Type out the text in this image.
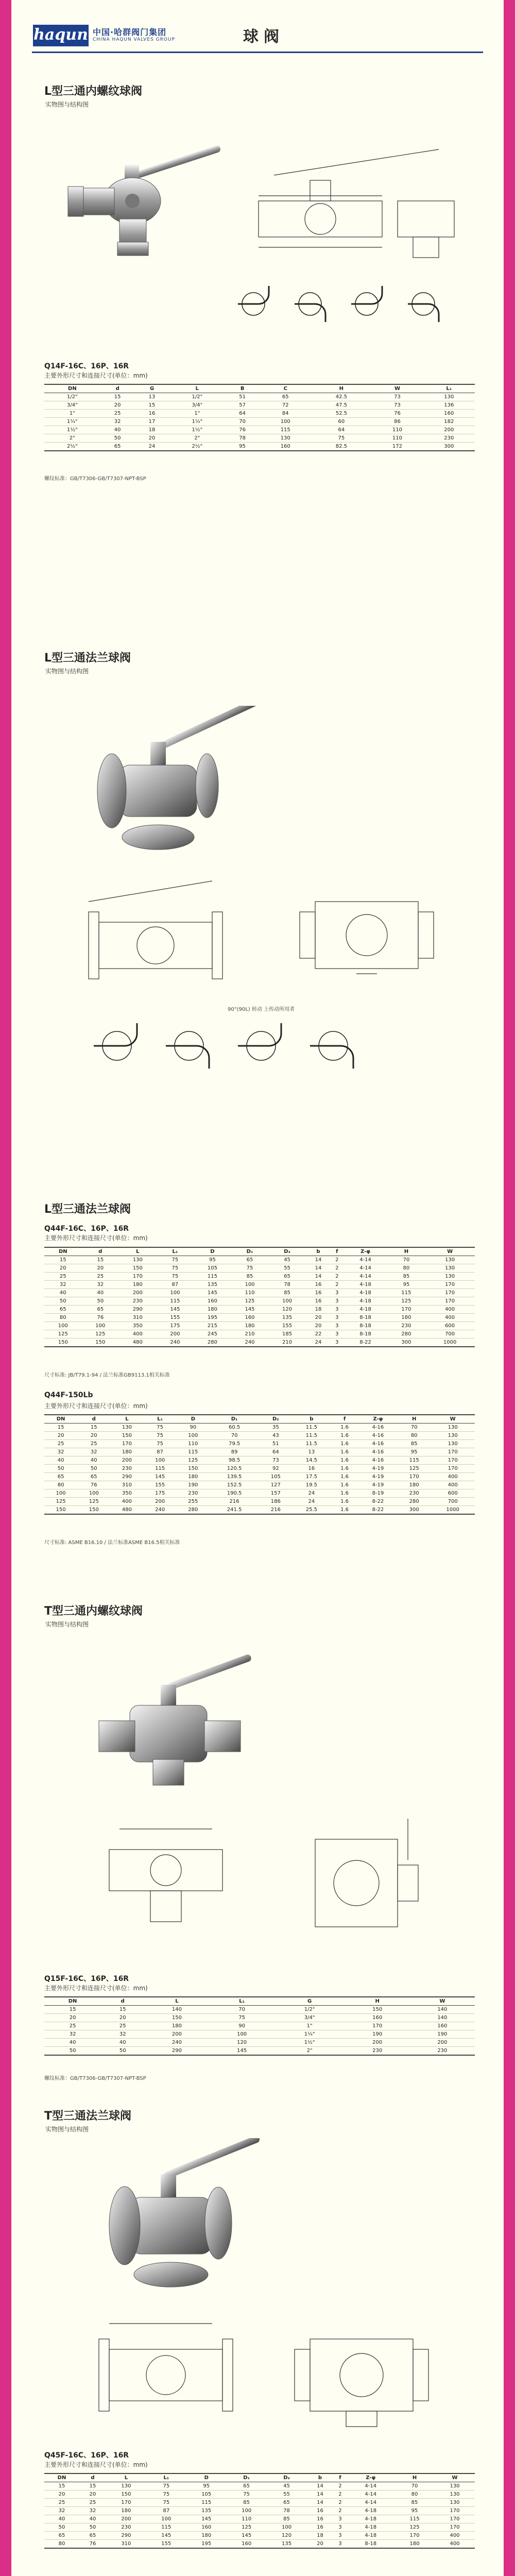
haqun 中国·哈群阀门集团
CHINA HAQUN VALVES GROUP	球阀
L型三通内螺纹球阀
实物图与结构图
Q14F-16C、16P、16R
主要外形尺寸和连接尺寸(单位：mm)
DN	d	G	L	B	C	H	W	L₁
1/2"	15	13	1/2"	51	65	42.5	73	130
3/4"	20	15	3/4"	57	72	47.5	73	136
1"	25	16	1"	64	84	52.5	76	160
1¼"	32	17	1¼"	70	100	60	86	182
1½"	40	18	1½"	76	115	64	110	200
2"	50	20	2"	78	130	75	110	230
2½"	65	24	2½"	95	160	82.5	172	300
螺纹标准：GB/T7306-GB/T7307-NPT-BSP
L型三通法兰球阀
实物图与结构图
90°(90L) 转动 上传动所用者
L型三通法兰球阀
Q44F-16C、16P、16R
主要外形尺寸和连接尺寸(单位：mm)
DN	d	L	L₁	D	D₁	D₂	b	f	Z-φ	H	W
15	15	130	75	95	65	45	14	2	4-14	70	130
20	20	150	75	105	75	55	14	2	4-14	80	130
25	25	170	75	115	85	65	14	2	4-14	85	130
32	32	180	87	135	100	78	16	2	4-18	95	170
40	40	200	100	145	110	85	16	3	4-18	115	170
50	50	230	115	160	125	100	16	3	4-18	125	170
65	65	290	145	180	145	120	18	3	4-18	170	400
80	76	310	155	195	160	135	20	3	8-18	180	400
100	100	350	175	215	180	155	20	3	8-18	230	600
125	125	400	200	245	210	185	22	3	8-18	280	700
150	150	480	240	280	240	210	24	3	8-22	300	1000
尺寸标准: JB/T79.1-94 / 法兰标准GB9113.1相关标准
Q44F-150Lb
主要外形尺寸和连接尺寸(单位：mm)
DN	d	L	L₁	D	D₁	D₂	b	f	Z-φ	H	W
15	15	130	75	90	60.5	35	11.5	1.6	4-16	70	130
20	20	150	75	100	70	43	11.5	1.6	4-16	80	130
25	25	170	75	110	79.5	51	11.5	1.6	4-16	85	130
32	32	180	87	115	89	64	13	1.6	4-16	95	170
40	40	200	100	125	98.5	73	14.5	1.6	4-16	115	170
50	50	230	115	150	120.5	92	16	1.6	4-19	125	170
65	65	290	145	180	139.5	105	17.5	1.6	4-19	170	400
80	76	310	155	190	152.5	127	19.5	1.6	4-19	180	400
100	100	350	175	230	190.5	157	24	1.6	8-19	230	600
125	125	400	200	255	216	186	24	1.6	8-22	280	700
150	150	480	240	280	241.5	216	25.5	1.6	8-22	300	1000
尺寸标准: ASME B16.10 / 法兰标准ASME B16.5相关标准
T型三通内螺纹球阀
实物图与结构图
Q15F-16C、16P、16R
主要外形尺寸和连接尺寸(单位：mm)
DN	d	L	L₁	G	H	W
15	15	140	70	1/2"	150	140
20	20	150	75	3/4"	160	140
25	25	180	90	1"	170	160
32	32	200	100	1¼"	190	190
40	40	240	120	1½"	200	200
50	50	290	145	2"	230	230
螺纹标准：GB/T7306-GB/T7307-NPT-BSP
T型三通法兰球阀
实物图与结构图
Q45F-16C、16P、16R
主要外形尺寸和连接尺寸(单位：mm)
DN	d	L	L₁	D	D₁	D₂	b	f	Z-φ	H	W
15	15	130	75	95	65	45	14	2	4-14	70	130
20	20	150	75	105	75	55	14	2	4-14	80	130
25	25	170	75	115	85	65	14	2	4-14	85	130
32	32	180	87	135	100	78	16	2	4-18	95	170
40	40	200	100	145	110	85	16	3	4-18	115	170
50	50	230	115	160	125	100	16	3	4-18	125	170
65	65	290	145	180	145	120	18	3	4-18	170	400
80	76	310	155	195	160	135	20	3	8-18	180	400
